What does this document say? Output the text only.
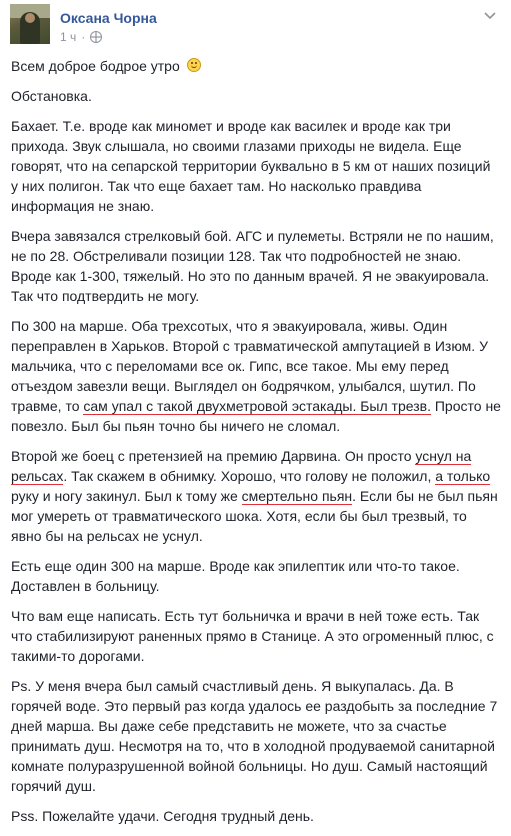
Оксана Чорна
1 ч ·

Всем доброе бодрое утро

Обстановка.

Бахает. Т.е. вроде как миномет и вроде как василек и вроде как три прихода. Звук слышала, но своими глазами приходы не видела. Еще говорят, что на сепарской территории буквально в 5 км от наших позиций у них полигон. Так что еще бахает там. Но насколько правдива информация не знаю.

Вчера завязался стрелковый бой. АГС и пулеметы. Встряли не по нашим, не по 28. Обстреливали позиции 128. Так что подробностей не знаю. Вроде как 1-300, тяжелый. Но это по данным врачей. Я не эвакуировала. Так что подтвердить не могу.

По 300 на марше. Оба трехсотых, что я эвакуировала, живы. Один переправлен в Харьков. Второй с травматической ампутацией в Изюм. У мальчика, что с переломами все ок. Гипс, все такое. Мы ему перед отъездом завезли вещи. Выглядел он бодрячком, улыбался, шутил. По травме, то сам упал с такой двухметровой эстакады. Был трезв. Просто не повезло. Был бы пьян точно бы ничего не сломал.

Второй же боец с претензией на премию Дарвина. Он просто уснул на рельсах. Так скажем в обнимку. Хорошо, что голову не положил, а только руку и ногу закинул. Был к тому же смертельно пьян. Если бы не был пьян мог умереть от травматического шока. Хотя, если бы был трезвый, то явно бы на рельсах не уснул.

Есть еще один 300 на марше. Вроде как эпилептик или что-то такое. Доставлен в больницу.

Что вам еще написать. Есть тут больничка и врачи в ней тоже есть. Так что стабилизируют раненных прямо в Станице. А это огроменный плюс, с такими-то дорогами.

Ps. У меня вчера был самый счастливый день. Я выкупалась. Да. В горячей воде. Это первый раз когда удалось ее раздобыть за последние 7 дней марша. Вы даже себе представить не можете, что за счастье принимать душ. Несмотря на то, что в холодной продуваемой санитарной комнате полуразрушенной войной больницы. Но душ. Самый настоящий горячий душ.

Pss. Пожелайте удачи. Сегодня трудный день.
